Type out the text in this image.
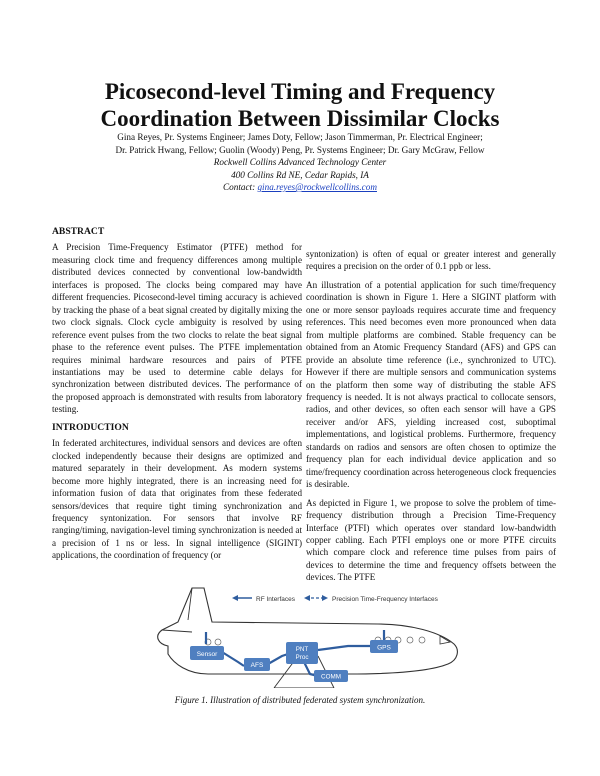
Picosecond-level Timing and Frequency
Coordination Between Dissimilar Clocks
Gina Reyes, Pr. Systems Engineer; James Doty, Fellow; Jason Timmerman, Pr. Electrical Engineer;
Dr. Patrick Hwang, Fellow; Guolin (Woody) Peng, Pr. Systems Engineer; Dr. Gary McGraw, Fellow
Rockwell Collins Advanced Technology Center
400 Collins Rd NE, Cedar Rapids, IA
Contact: gina.reyes@rockwellcollins.com
ABSTRACT

A Precision Time-Frequency Estimator (PTFE) method for measuring clock time and frequency differences among multiple distributed devices connected by conventional low-bandwidth interfaces is proposed. The clocks being compared may have different frequencies. Picosecond-level timing accuracy is achieved by tracking the phase of a beat signal created by digitally mixing the two clock signals. Clock cycle ambiguity is resolved by using reference event pulses from the two clocks to relate the beat signal phase to the reference event pulses. The PTFE implementation requires minimal hardware resources and pairs of PTFE instantiations may be used to determine cable delays for synchronization between distributed devices. The performance of the proposed approach is demonstrated with results from laboratory testing.

INTRODUCTION

In federated architectures, individual sensors and devices are often clocked independently because their designs are optimized and matured separately in their development. As modern systems become more highly integrated, there is an increasing need for information fusion of data that originates from these federated sensors/devices that require tight timing synchronization and frequency syntonization. For sensors that involve RF ranging/timing, navigation-level timing synchronization is needed at a precision of 1 ns or less. In signal intelligence (SIGINT) applications, the coordination of frequency (or

syntonization) is often of equal or greater interest and generally requires a precision on the order of 0.1 ppb or less.

An illustration of a potential application for such time/frequency coordination is shown in Figure 1. Here a SIGINT platform with one or more sensor payloads requires accurate time and frequency references. This need becomes even more pronounced when data from multiple platforms are combined. Stable frequency can be obtained from an Atomic Frequency Standard (AFS) and GPS can provide an absolute time reference (i.e., synchronized to UTC). However if there are multiple sensors and communication systems on the platform then some way of distributing the stable AFS frequency is needed. It is not always practical to collocate sensors, radios, and other devices, so often each sensor will have a GPS receiver and/or AFS, yielding increased cost, suboptimal implementations, and logistical problems. Furthermore, frequency standards on radios and sensors are often chosen to optimize the frequency plan for each individual device application and so time/frequency coordination across heterogeneous clock frequencies is desirable.

As depicted in Figure 1, we propose to solve the problem of time-frequency distribution through a Precision Time-Frequency Interface (PTFI) which operates over standard low-bandwidth copper cabling. Each PTFI employs one or more PTFE circuits which compare clock and reference time pulses from pairs of devices to determine the time and frequency offsets between the devices. The PTFE

RF Interfaces	Precision Time-Frequency Interfaces
Sensor
AFS
PNT
Proc
COMM
GPS
Figure 1. Illustration of distributed federated system synchronization.
